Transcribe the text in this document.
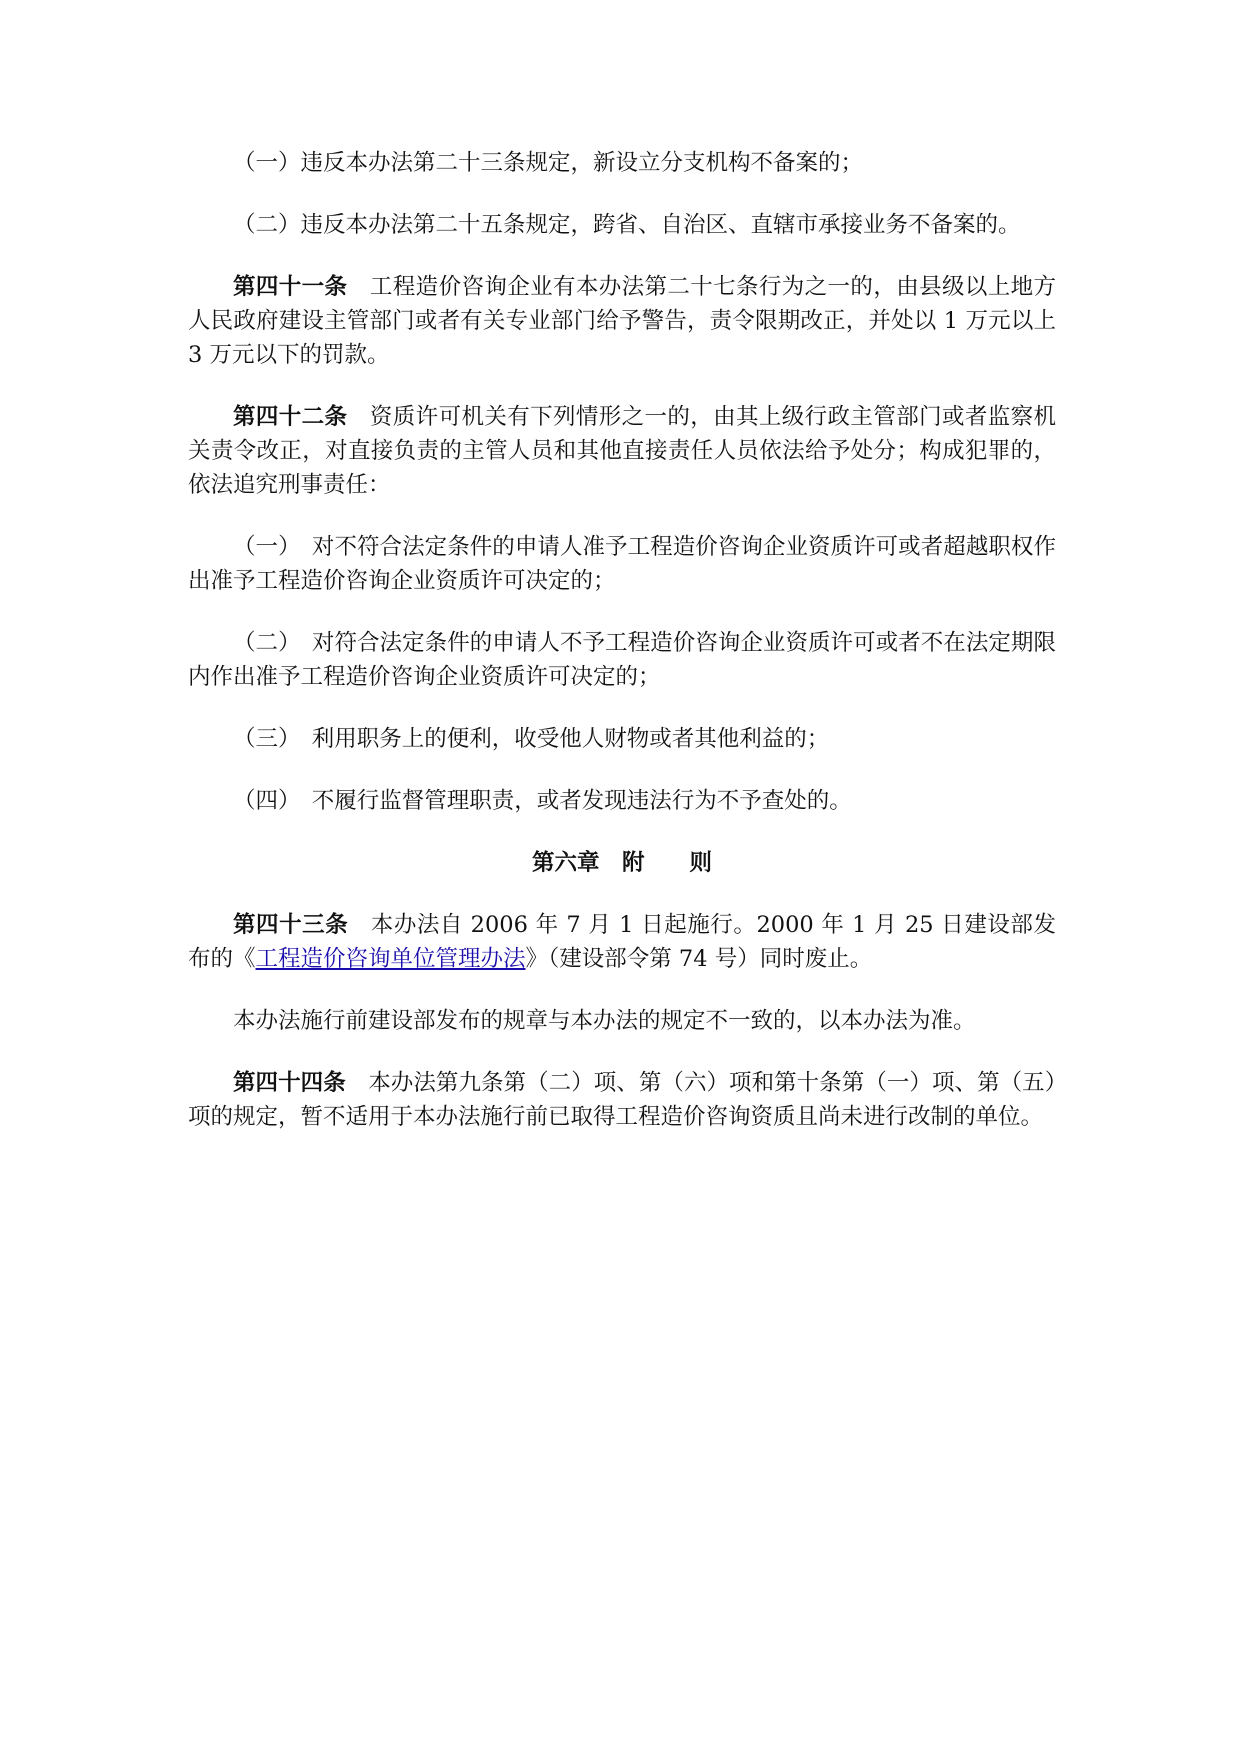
（一）违反本办法第二十三条规定，新设立分支机构不备案的；

（二）违反本办法第二十五条规定，跨省、自治区、直辖市承接业务不备案的。

第四十一条 工程造价咨询企业有本办法第二十七条行为之一的，由县级以上地方人民政府建设主管部门或者有关专业部门给予警告，责令限期改正，并处以 1 万元以上 3 万元以下的罚款。

第四十二条 资质许可机关有下列情形之一的，由其上级行政主管部门或者监察机关责令改正，对直接负责的主管人员和其他直接责任人员依法给予处分；构成犯罪的，依法追究刑事责任：

（一） 对不符合法定条件的申请人准予工程造价咨询企业资质许可或者超越职权作出准予工程造价咨询企业资质许可决定的；

（二） 对符合法定条件的申请人不予工程造价咨询企业资质许可或者不在法定期限内作出准予工程造价咨询企业资质许可决定的；

（三） 利用职务上的便利，收受他人财物或者其他利益的；

（四） 不履行监督管理职责，或者发现违法行为不予查处的。

第六章 附 则

第四十三条 本办法自 2006 年 7 月 1 日起施行。2000 年 1 月 25 日建设部发布的《工程造价咨询单位管理办法》（建设部令第 74 号）同时废止。

本办法施行前建设部发布的规章与本办法的规定不一致的，以本办法为准。

第四十四条 本办法第九条第（二）项、第（六）项和第十条第（一）项、第（五）项的规定，暂不适用于本办法施行前已取得工程造价咨询资质且尚未进行改制的单位。
